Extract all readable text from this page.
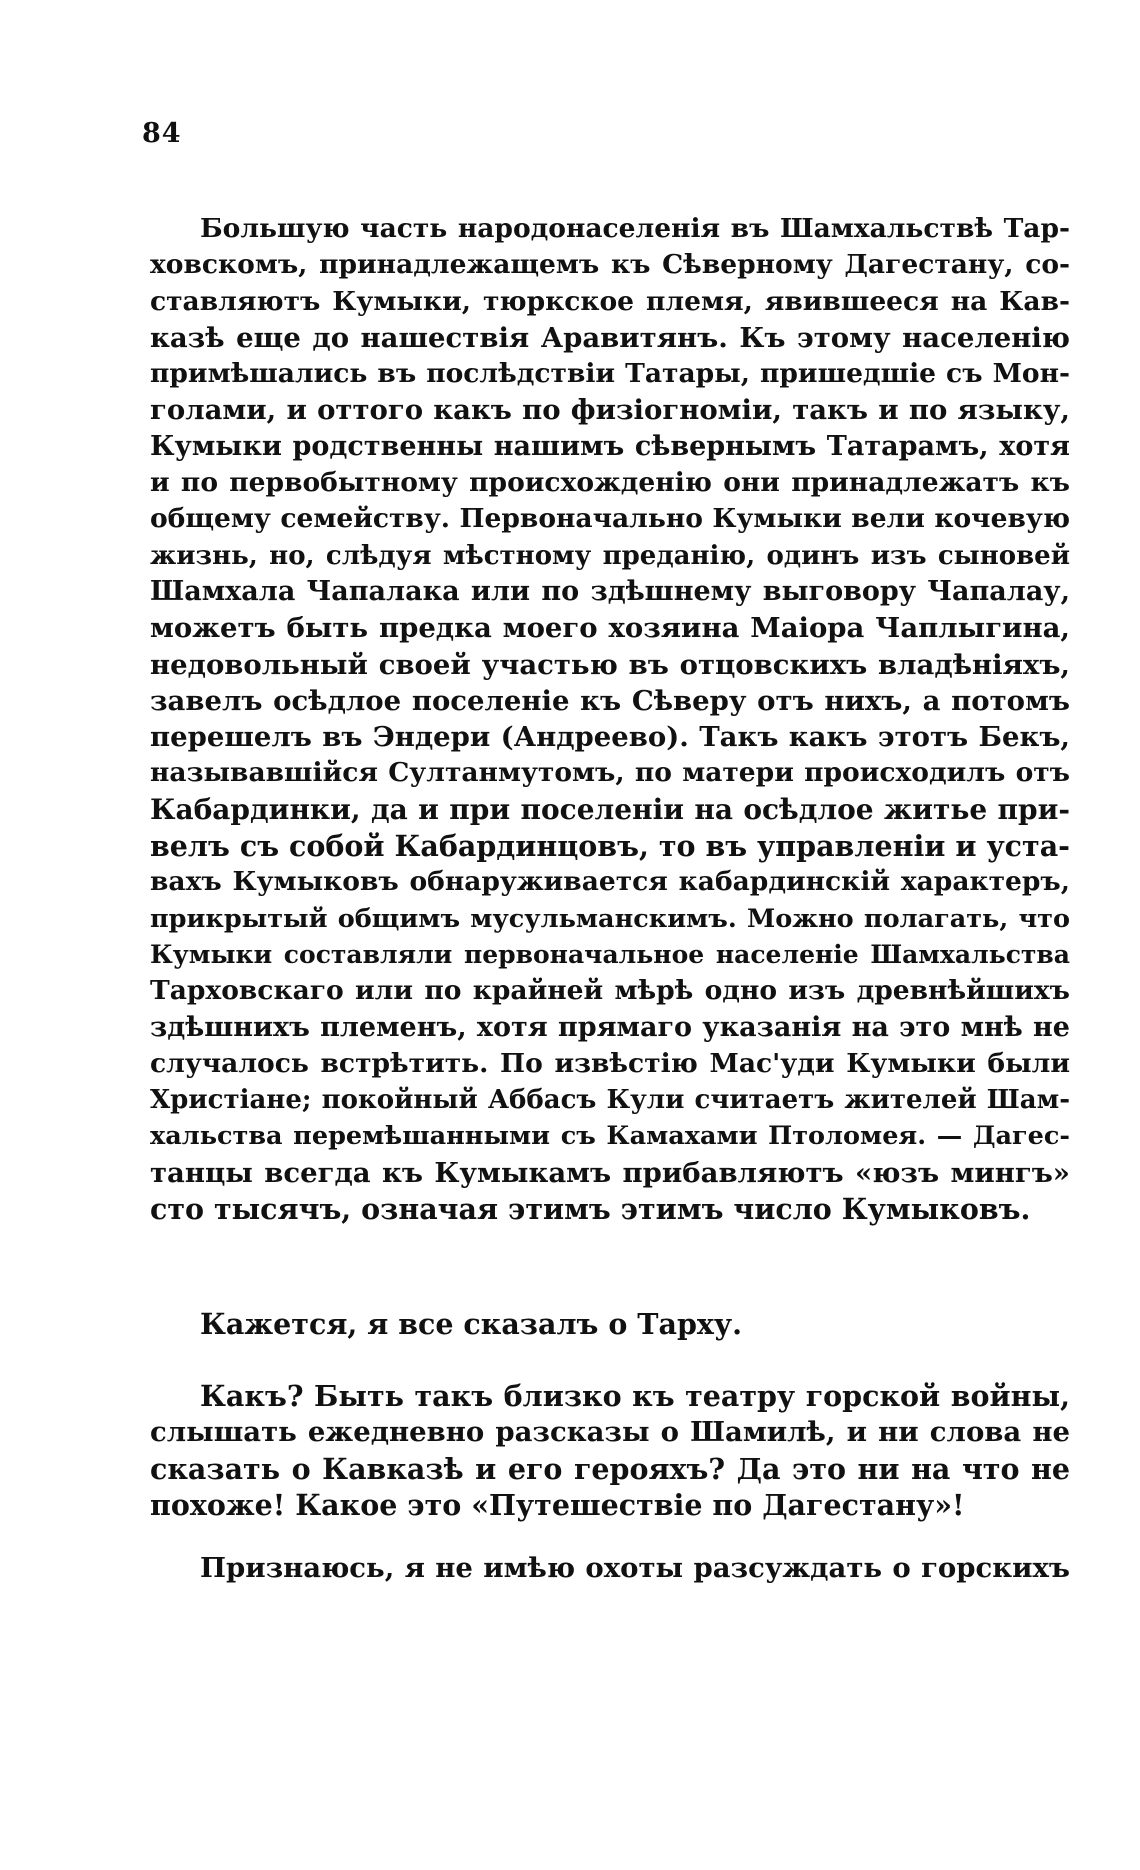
84
Большую часть народонаселенія въ Шамхальствѣ Тар-
ховскомъ, принадлежащемъ къ Сѣверному Дагестану, со-
ставляютъ Кумыки, тюркское племя, явившееся на Кав-
казѣ еще до нашествія Аравитянъ. Къ этому населенію
примѣшались въ послѣдствіи Татары, пришедшіе съ Мон-
голами, и оттого какъ по физіогноміи, такъ и по языку,
Кумыки родственны нашимъ сѣвернымъ Татарамъ, хотя
и по первобытному происхожденію они принадлежатъ къ
общему семейству. Первоначально Кумыки вели кочевую
жизнь, но, слѣдуя мѣстному преданію, одинъ изъ сыновей
Шамхала Чапалака или по здѣшнему выговору Чапалау,
можетъ быть предка моего хозяина Маіора Чаплыгина,
недовольный своей участью въ отцовскихъ владѣніяхъ,
завелъ осѣдлое поселеніе къ Сѣверу отъ нихъ, а потомъ
перешелъ въ Эндери (Андреево). Такъ какъ этотъ Бекъ,
называвшійся Султанмутомъ, по матери происходилъ отъ
Кабардинки, да и при поселеніи на осѣдлое житье при-
велъ съ собой Кабардинцовъ, то въ управленіи и уста-
вахъ Кумыковъ обнаруживается кабардинскій характеръ,
прикрытый общимъ мусульманскимъ. Можно полагать, что
Кумыки составляли первоначальное населеніе Шамхальства
Тарховскаго или по крайней мѣрѣ одно изъ древнѣйшихъ
здѣшнихъ племенъ, хотя прямаго указанія на это мнѣ не
случалось встрѣтить. По извѣстію Мас'уди Кумыки были
Христіане; покойный Аббасъ Кули считаетъ жителей Шам-
хальства перемѣшанными съ Камахами Птоломея. — Дагес-
танцы всегда къ Кумыкамъ прибавляютъ «юзъ мингъ»
сто тысячъ, означая этимъ этимъ число Кумыковъ.
Кажется, я все сказалъ о Тарху.
Какъ? Быть такъ близко къ театру горской войны,
слышать ежедневно разсказы о Шамилѣ, и ни слова не
сказать о Кавказѣ и его герояхъ? Да это ни на что не
похоже! Какое это «Путешествіе по Дагестану»!
Признаюсь, я не имѣю охоты разсуждать о горскихъ
